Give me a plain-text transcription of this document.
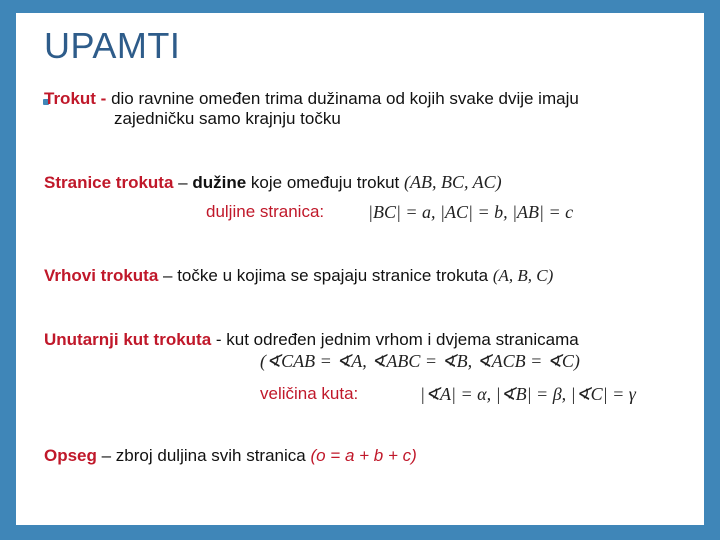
UPAMTI
Trokut - dio ravnine omeđen trima dužinama od kojih svake dvije imaju
zajedničku samo krajnju točku
Stranice trokuta – dužine koje omeđuju trokut (AB, BC, AC)
duljine stranica: |BC| = a, |AC| = b, |AB| = c
Vrhovi trokuta – točke u kojima se spajaju stranice trokuta (A, B, C)
Unutarnji kut trokuta - kut određen jednim vrhom i dvjema stranicama
(∢CAB = ∢A, ∢ABC = ∢B, ∢ACB = ∢C)
veličina kuta:	|∢A| = α, |∢B| = β, |∢C| = γ
Opseg – zbroj duljina svih stranica (o = a + b + c)
